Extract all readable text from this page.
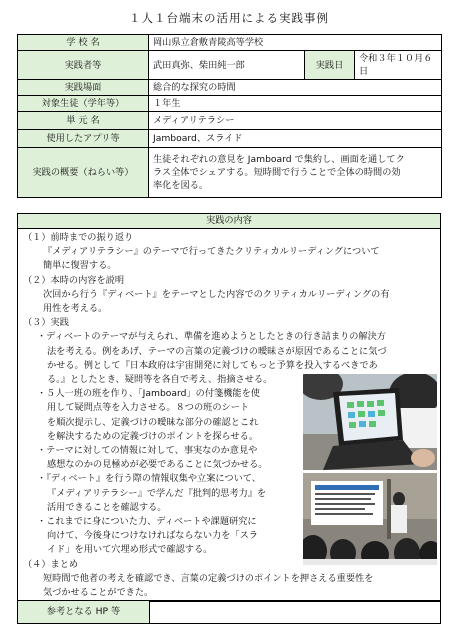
１人１台端末の活用による実践事例
学 校 名	岡山県立倉敷青陵高等学校		
実践者等	武田真弥、柴田純一郎	実践日	令和３年１０月６日
実践場面	総合的な探究の時間		
対象生徒（学年等）	１年生		
単 元 名	メディアリテラシー		
使用したアプリ等	Jamboard、スライド		
実践の概要（ねらい等）	生徒それぞれの意見を Jamboard で集約し、画面を通してク
ラス全体でシェアする。短時間で行うことで全体の時間の効
率化を図る。		
実践の内容
（１）前時までの振り返り
『メディアリテラシー』のテーマで行ってきたクリティカルリーディングについて
簡単に復習する。
（２）本時の内容を説明
次回から行う『ディベート』をテーマとした内容でのクリティカルリーディングの有
用性を考える。
（３）実践
・ディベートのテーマが与えられ、準備を進めようとしたときの行き詰まりの解決方
法を考える。例をあげ、テーマの言葉の定義づけの曖昧さが原因であることに気づ
かせる。例として『日本政府は宇宙開発に対してもっと予算を投入するべきであ
る。』としたとき、疑問等を各自で考え、指摘させる。
・５人一班の班を作り、「Jamboard」の付箋機能を使
用して疑問点等を入力させる。８つの班のシート
を順次提示し、定義づけの曖昧な部分の確認とこれ
を解決するための定義づけのポイントを探らせる。
・テーマに対しての情報に対して、事実なのか意見や
感想なのかの見極めが必要であることに気づかせる。
・『ディベート』を行う際の情報収集や立案について、
『メディアリテラシー』で学んだ『批判的思考力』を
活用できることを確認する。
・これまでに身についた力、ディベートや課題研究に
向けて、今後身につけなければならない力を「スラ
イド」を用いて穴埋め形式で確認する。
（４）まとめ
短時間で他者の考えを確認でき、言葉の定義づけのポイントを押さえる重要性を
気づかせることができた。
参考となる HP 等
